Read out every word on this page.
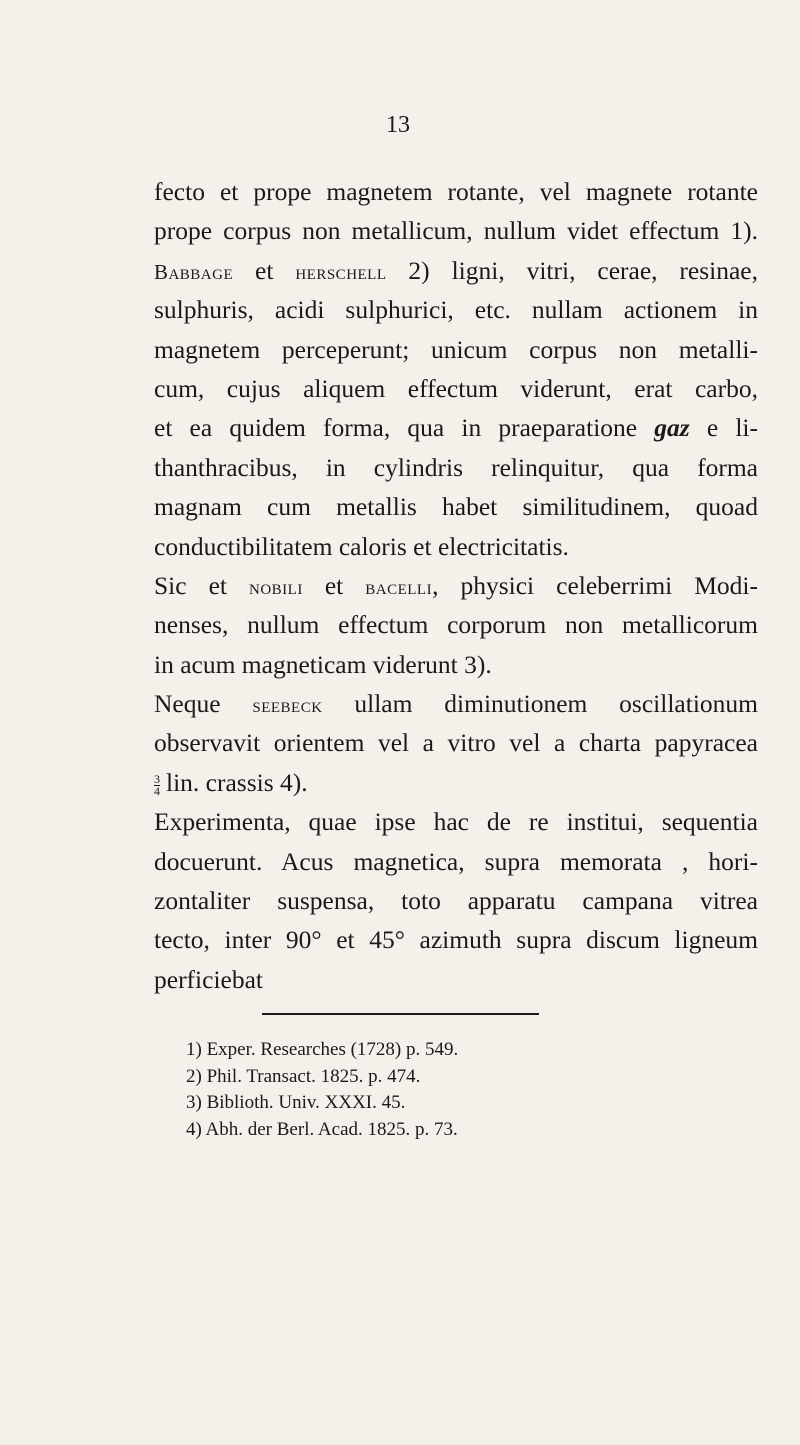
13
fecto et prope magnetem rotante, vel magnete rotante
prope corpus non metallicum, nullum videt effectum 1).
Babbage et herschell 2) ligni, vitri, cerae, resinae,
sulphuris, acidi sulphurici, etc. nullam actionem in
magnetem perceperunt; unicum corpus non metalli-
cum, cujus aliquem effectum viderunt, erat carbo,
et ea quidem forma, qua in praeparatione gaz e li-
thanthracibus, in cylindris relinquitur, qua forma
magnam cum metallis habet similitudinem, quoad
conductibilitatem caloris et electricitatis.
Sic et nobili et bacelli, physici celeberrimi Modi-
nenses, nullum effectum corporum non metallicorum
in acum magneticam viderunt 3).
Neque seebeck ullam diminutionem oscillationum
observavit orientem vel a vitro vel a charta papyracea
$\frac{3}{4}$ lin. crassis 4).
Experimenta, quae ipse hac de re institui, sequentia
docuerunt. Acus magnetica, supra memorata , hori-
zontaliter suspensa, toto apparatu campana vitrea
tecto, inter 90° et 45° azimuth supra discum ligneum
perficiebat
1) Exper. Researches (1728) p. 549.
2) Phil. Transact. 1825. p. 474.
3) Biblioth. Univ. XXXI. 45.
4) Abh. der Berl. Acad. 1825. p. 73.
